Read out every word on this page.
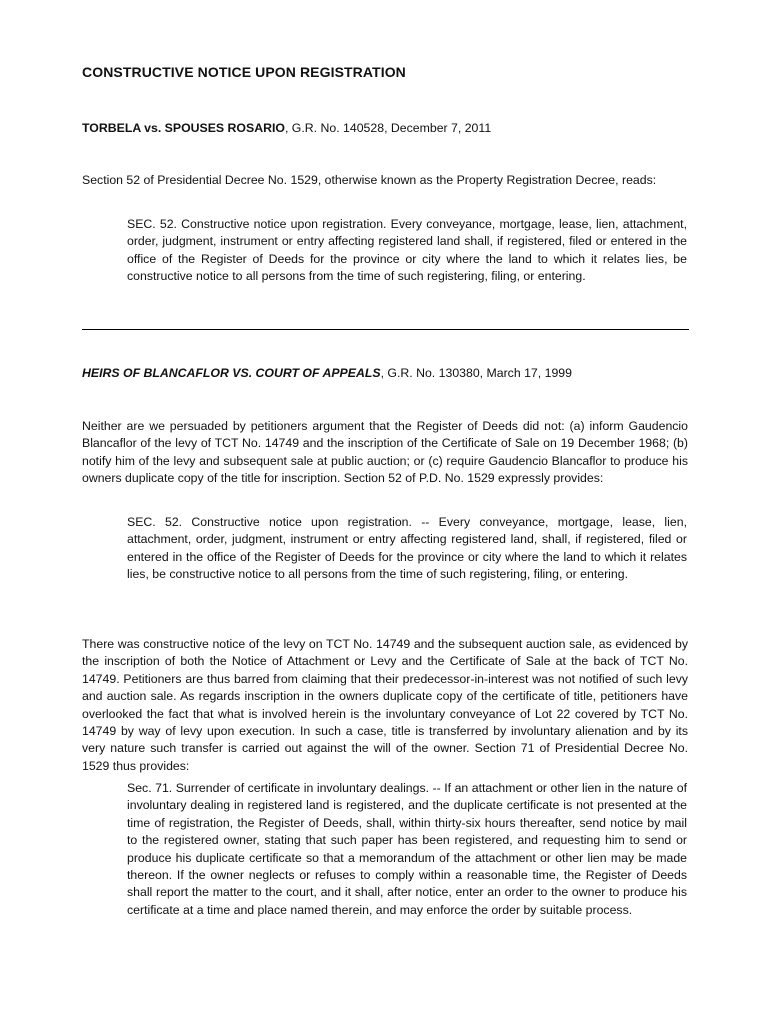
CONSTRUCTIVE NOTICE UPON REGISTRATION
TORBELA vs. SPOUSES ROSARIO, G.R. No. 140528, December 7, 2011

Section 52 of Presidential Decree No. 1529, otherwise known as the Property Registration Decree, reads:

SEC. 52. Constructive notice upon registration. Every conveyance, mortgage, lease, lien, attachment, order, judgment, instrument or entry affecting registered land shall, if registered, filed or entered in the office of the Register of Deeds for the province or city where the land to which it relates lies, be constructive notice to all persons from the time of such registering, filing, or entering.

HEIRS OF BLANCAFLOR VS. COURT OF APPEALS, G.R. No. 130380, March 17, 1999

Neither are we persuaded by petitioners argument that the Register of Deeds did not: (a) inform Gaudencio Blancaflor of the levy of TCT No. 14749 and the inscription of the Certificate of Sale on 19 December 1968; (b) notify him of the levy and subsequent sale at public auction; or (c) require Gaudencio Blancaflor to produce his owners duplicate copy of the title for inscription. Section 52 of P.D. No. 1529 expressly provides:

SEC. 52. Constructive notice upon registration. -- Every conveyance, mortgage, lease, lien, attachment, order, judgment, instrument or entry affecting registered land, shall, if registered, filed or entered in the office of the Register of Deeds for the province or city where the land to which it relates lies, be constructive notice to all persons from the time of such registering, filing, or entering.

There was constructive notice of the levy on TCT No. 14749 and the subsequent auction sale, as evidenced by the inscription of both the Notice of Attachment or Levy and the Certificate of Sale at the back of TCT No. 14749. Petitioners are thus barred from claiming that their predecessor-in-interest was not notified of such levy and auction sale. As regards inscription in the owners duplicate copy of the certificate of title, petitioners have overlooked the fact that what is involved herein is the involuntary conveyance of Lot 22 covered by TCT No. 14749 by way of levy upon execution. In such a case, title is transferred by involuntary alienation and by its very nature such transfer is carried out against the will of the owner. Section 71 of Presidential Decree No. 1529 thus provides:

Sec. 71. Surrender of certificate in involuntary dealings. -- If an attachment or other lien in the nature of involuntary dealing in registered land is registered, and the duplicate certificate is not presented at the time of registration, the Register of Deeds, shall, within thirty-six hours thereafter, send notice by mail to the registered owner, stating that such paper has been registered, and requesting him to send or produce his duplicate certificate so that a memorandum of the attachment or other lien may be made thereon. If the owner neglects or refuses to comply within a reasonable time, the Register of Deeds shall report the matter to the court, and it shall, after notice, enter an order to the owner to produce his certificate at a time and place named therein, and may enforce the order by suitable process.
